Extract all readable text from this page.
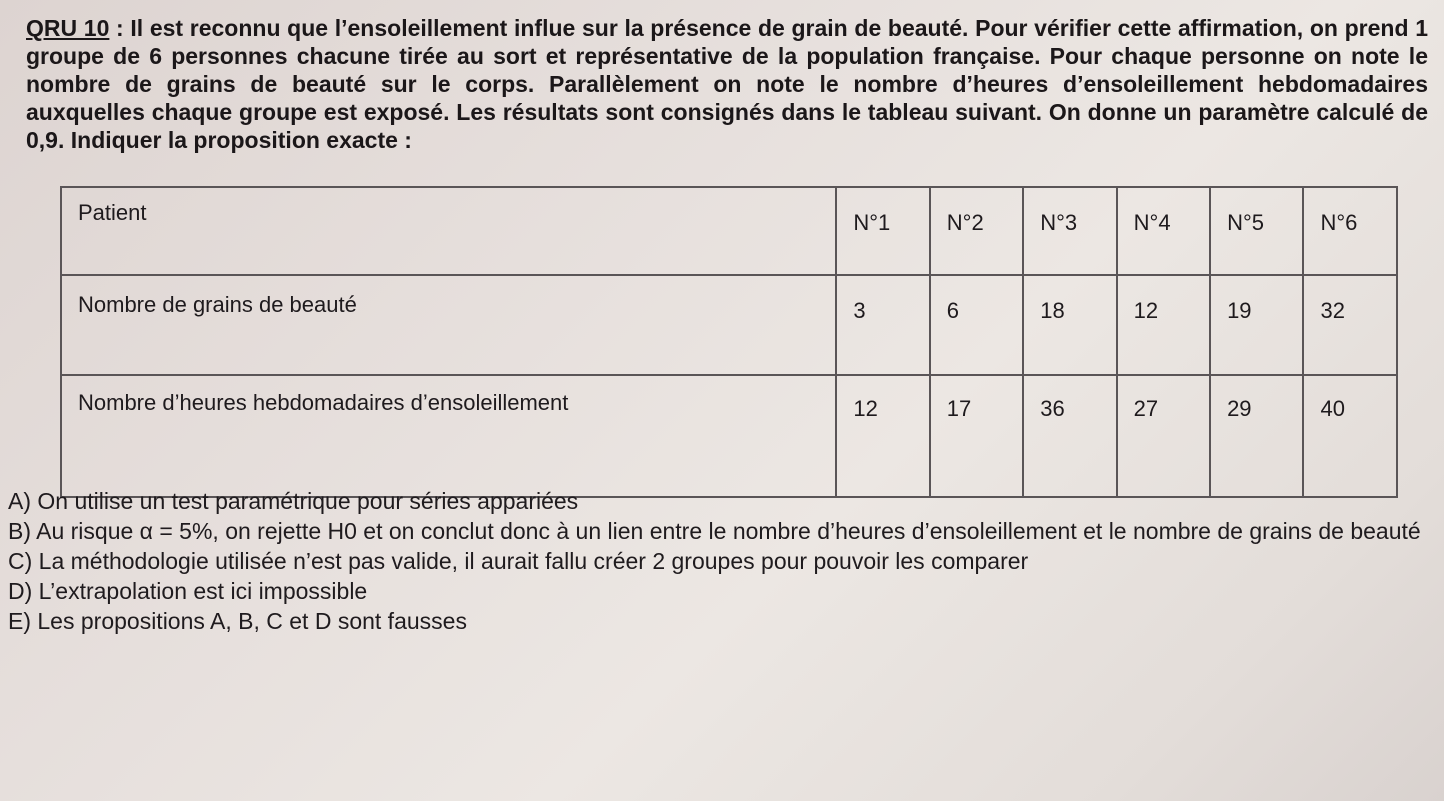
QRU 10 : Il est reconnu que l’ensoleillement influe sur la présence de grain de beauté. Pour vérifier cette affirmation, on prend 1 groupe de 6 personnes chacune tirée au sort et représentative de la population française. Pour chaque personne on note le nombre de grains de beauté sur le corps. Parallèlement on note le nombre d’heures d’ensoleillement hebdomadaires auxquelles chaque groupe est exposé. Les résultats sont consignés dans le tableau suivant. On donne un paramètre calculé de 0,9. Indiquer la proposition exacte :
Patient	N°1	N°2	N°3	N°4	N°5	N°6
Nombre de grains de beauté	3	6	18	12	19	32
Nombre d’heures hebdomadaires d’ensoleillement	12	17	36	27	29	40

A) On utilise un test paramétrique pour séries appariées

B) Au risque α = 5%, on rejette H0 et on conclut donc à un lien entre le nombre d’heures d’ensoleillement et le nombre de grains de beauté

C) La méthodologie utilisée n’est pas valide, il aurait fallu créer 2 groupes pour pouvoir les comparer

D) L’extrapolation est ici impossible

E) Les propositions A, B, C et D sont fausses
